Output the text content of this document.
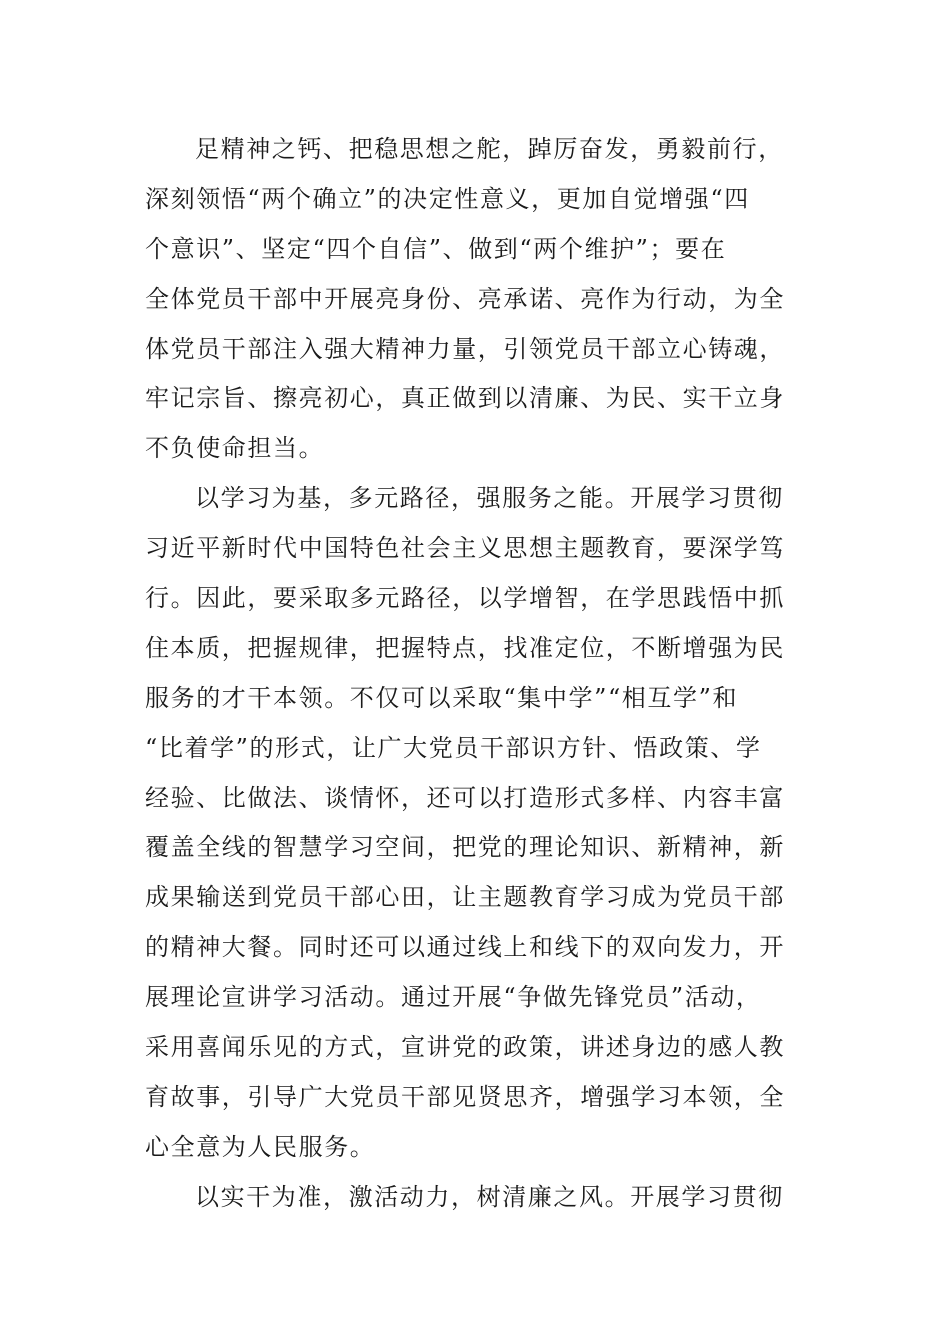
足精神之钙、把稳思想之舵，踔厉奋发，勇毅前行，
深刻领悟“两个确立”的决定性意义，更加自觉增强“四
个意识”、坚定“四个自信”、做到“两个维护”；要在
全体党员干部中开展亮身份、亮承诺、亮作为行动，为全
体党员干部注入强大精神力量，引领党员干部立心铸魂，
牢记宗旨、擦亮初心，真正做到以清廉、为民、实干立身
不负使命担当。
以学习为基，多元路径，强服务之能。开展学习贯彻
习近平新时代中国特色社会主义思想主题教育，要深学笃
行。因此，要采取多元路径，以学增智，在学思践悟中抓
住本质，把握规律，把握特点，找准定位，不断增强为民
服务的才干本领。不仅可以采取“集中学”“相互学”和
“比着学”的形式，让广大党员干部识方针、悟政策、学
经验、比做法、谈情怀，还可以打造形式多样、内容丰富
覆盖全线的智慧学习空间，把党的理论知识、新精神，新
成果输送到党员干部心田，让主题教育学习成为党员干部
的精神大餐。同时还可以通过线上和线下的双向发力，开
展理论宣讲学习活动。通过开展“争做先锋党员”活动，
采用喜闻乐见的方式，宣讲党的政策，讲述身边的感人教
育故事，引导广大党员干部见贤思齐，增强学习本领，全
心全意为人民服务。
以实干为准，激活动力，树清廉之风。开展学习贯彻
